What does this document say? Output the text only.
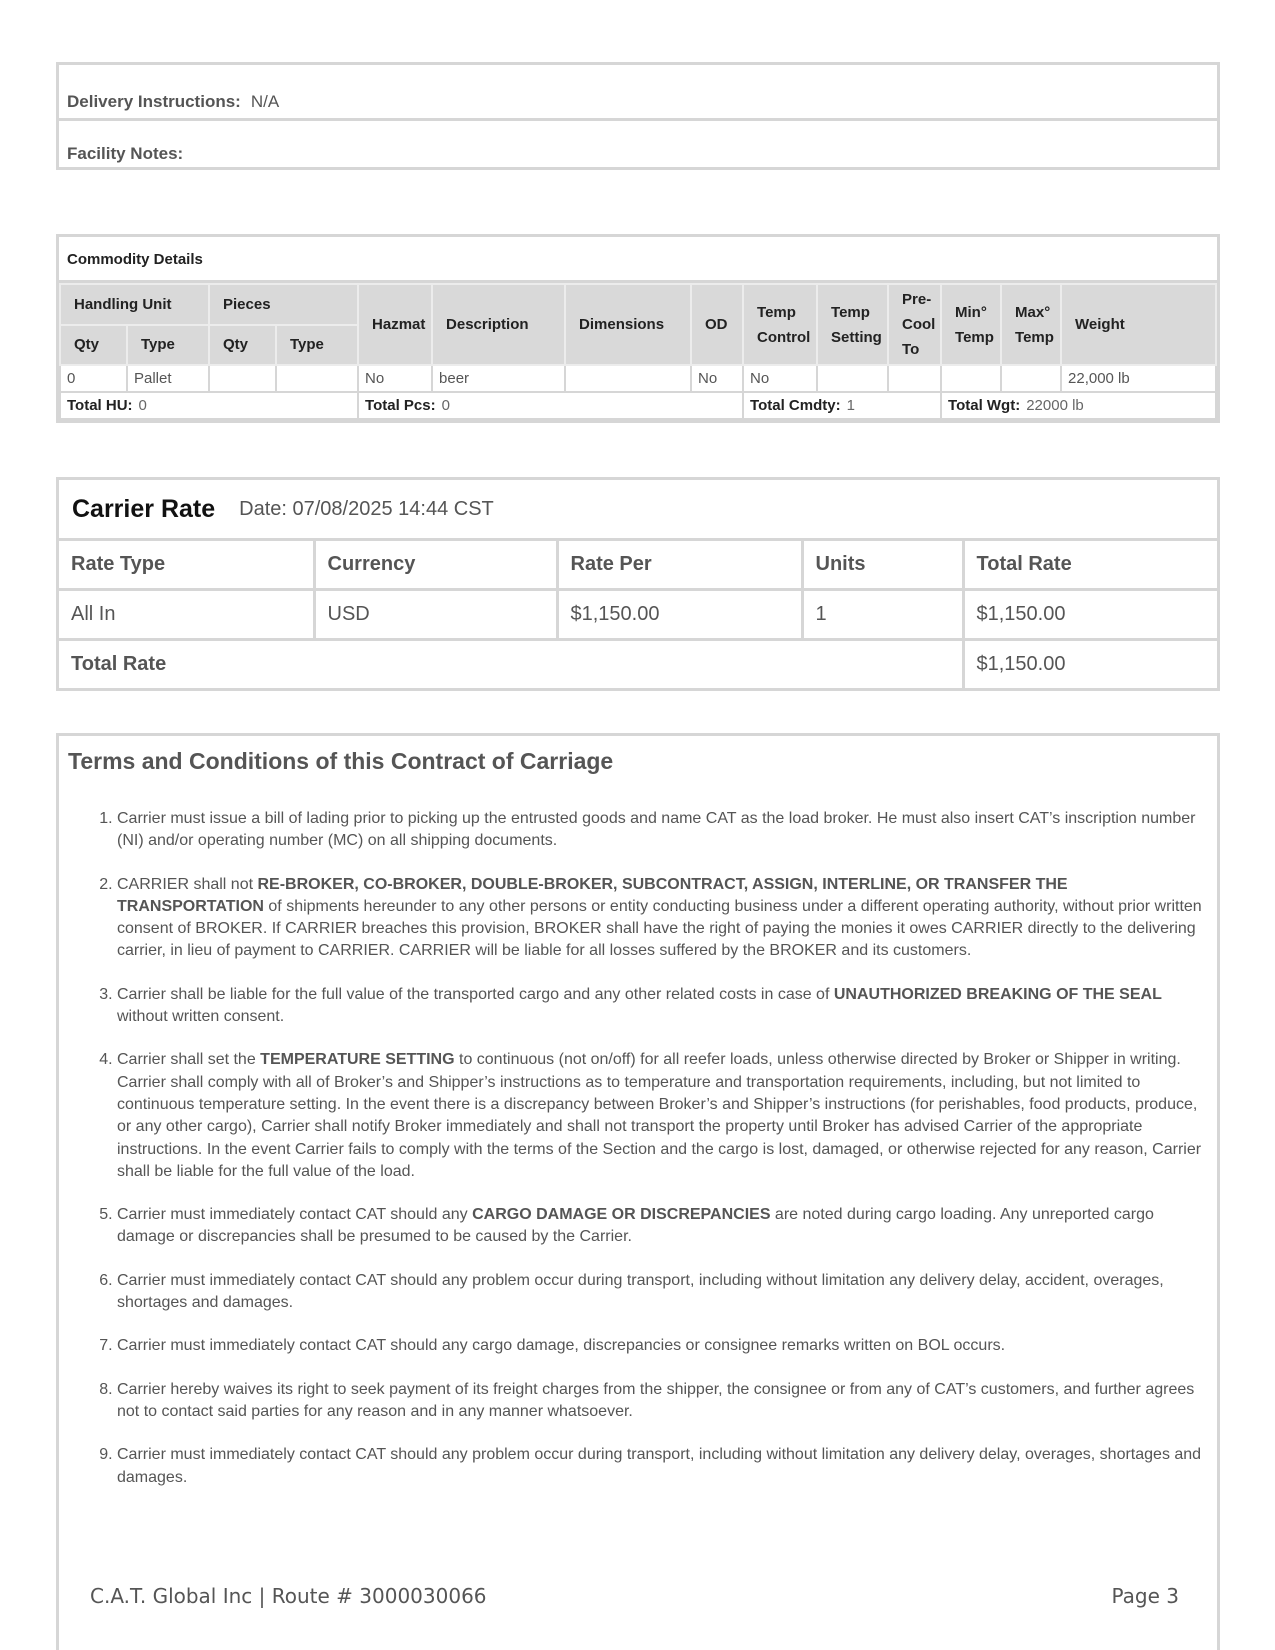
Delivery Instructions: N/A
Facility Notes:
Commodity Details
Handling Unit		Pieces		Hazmat	Description	Dimensions	OD	Temp Control	Temp Setting	Pre-Cool To	Min° Temp	Max° Temp	Weight
Qty	Type	Qty	Type										
0	Pallet			No	beer		No	No					22,000 lb
Total HU: 0				Total Pcs: 0				Total Cmdty: 1			Total Wgt: 22000 lb		
Carrier Rate Date: 07/08/2025 14:44 CST
Rate Type	Currency	Rate Per	Units	Total Rate
All In	USD	$1,150.00	1	$1,150.00
Total Rate				$1,150.00
Terms and Conditions of this Contract of Carriage
1. Carrier must issue a bill of lading prior to picking up the entrusted goods and name CAT as the load broker. He must also insert CAT’s inscription number (NI) and/or operating number (MC) on all shipping documents.
2. CARRIER shall not RE-BROKER, CO-BROKER, DOUBLE-BROKER, SUBCONTRACT, ASSIGN, INTERLINE, OR TRANSFER THE TRANSPORTATION of shipments hereunder to any other persons or entity conducting business under a different operating authority, without prior written consent of BROKER. If CARRIER breaches this provision, BROKER shall have the right of paying the monies it owes CARRIER directly to the delivering carrier, in lieu of payment to CARRIER. CARRIER will be liable for all losses suffered by the BROKER and its customers.
3. Carrier shall be liable for the full value of the transported cargo and any other related costs in case of UNAUTHORIZED BREAKING OF THE SEAL without written consent.
4. Carrier shall set the TEMPERATURE SETTING to continuous (not on/off) for all reefer loads, unless otherwise directed by Broker or Shipper in writing. Carrier shall comply with all of Broker’s and Shipper’s instructions as to temperature and transportation requirements, including, but not limited to continuous temperature setting. In the event there is a discrepancy between Broker’s and Shipper’s instructions (for perishables, food products, produce, or any other cargo), Carrier shall notify Broker immediately and shall not transport the property until Broker has advised Carrier of the appropriate instructions. In the event Carrier fails to comply with the terms of the Section and the cargo is lost, damaged, or otherwise rejected for any reason, Carrier shall be liable for the full value of the load.
5. Carrier must immediately contact CAT should any CARGO DAMAGE OR DISCREPANCIES are noted during cargo loading. Any unreported cargo damage or discrepancies shall be presumed to be caused by the Carrier.
6. Carrier must immediately contact CAT should any problem occur during transport, including without limitation any delivery delay, accident, overages, shortages and damages.
7. Carrier must immediately contact CAT should any cargo damage, discrepancies or consignee remarks written on BOL occurs.
8. Carrier hereby waives its right to seek payment of its freight charges from the shipper, the consignee or from any of CAT’s customers, and further agrees not to contact said parties for any reason and in any manner whatsoever.
9. Carrier must immediately contact CAT should any problem occur during transport, including without limitation any delivery delay, overages, shortages and damages.
C.A.T. Global Inc | Route # 3000030066	Page 3
